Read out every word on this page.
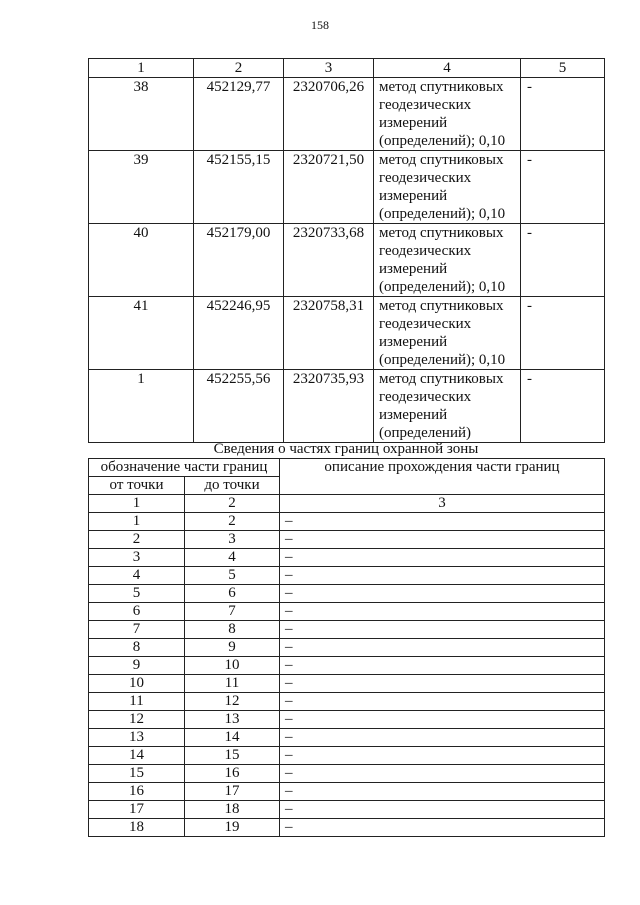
158
1	2	3	4	5
38	452129,77	2320706,26	метод спутниковых
геодезических
измерений
(определений); 0,10	-
39	452155,15	2320721,50	метод спутниковых
геодезических
измерений
(определений); 0,10	-
40	452179,00	2320733,68	метод спутниковых
геодезических
измерений
(определений); 0,10	-
41	452246,95	2320758,31	метод спутниковых
геодезических
измерений
(определений); 0,10	-
1	452255,56	2320735,93	метод спутниковых
геодезических
измерений
(определений)	-
Сведения о частях границ охранной зоны
обозначение части границ		описание прохождения части границ
от точки	до точки	
1	2	3
1	2	–
2	3	–
3	4	–
4	5	–
5	6	–
6	7	–
7	8	–
8	9	–
9	10	–
10	11	–
11	12	–
12	13	–
13	14	–
14	15	–
15	16	–
16	17	–
17	18	–
18	19	–
